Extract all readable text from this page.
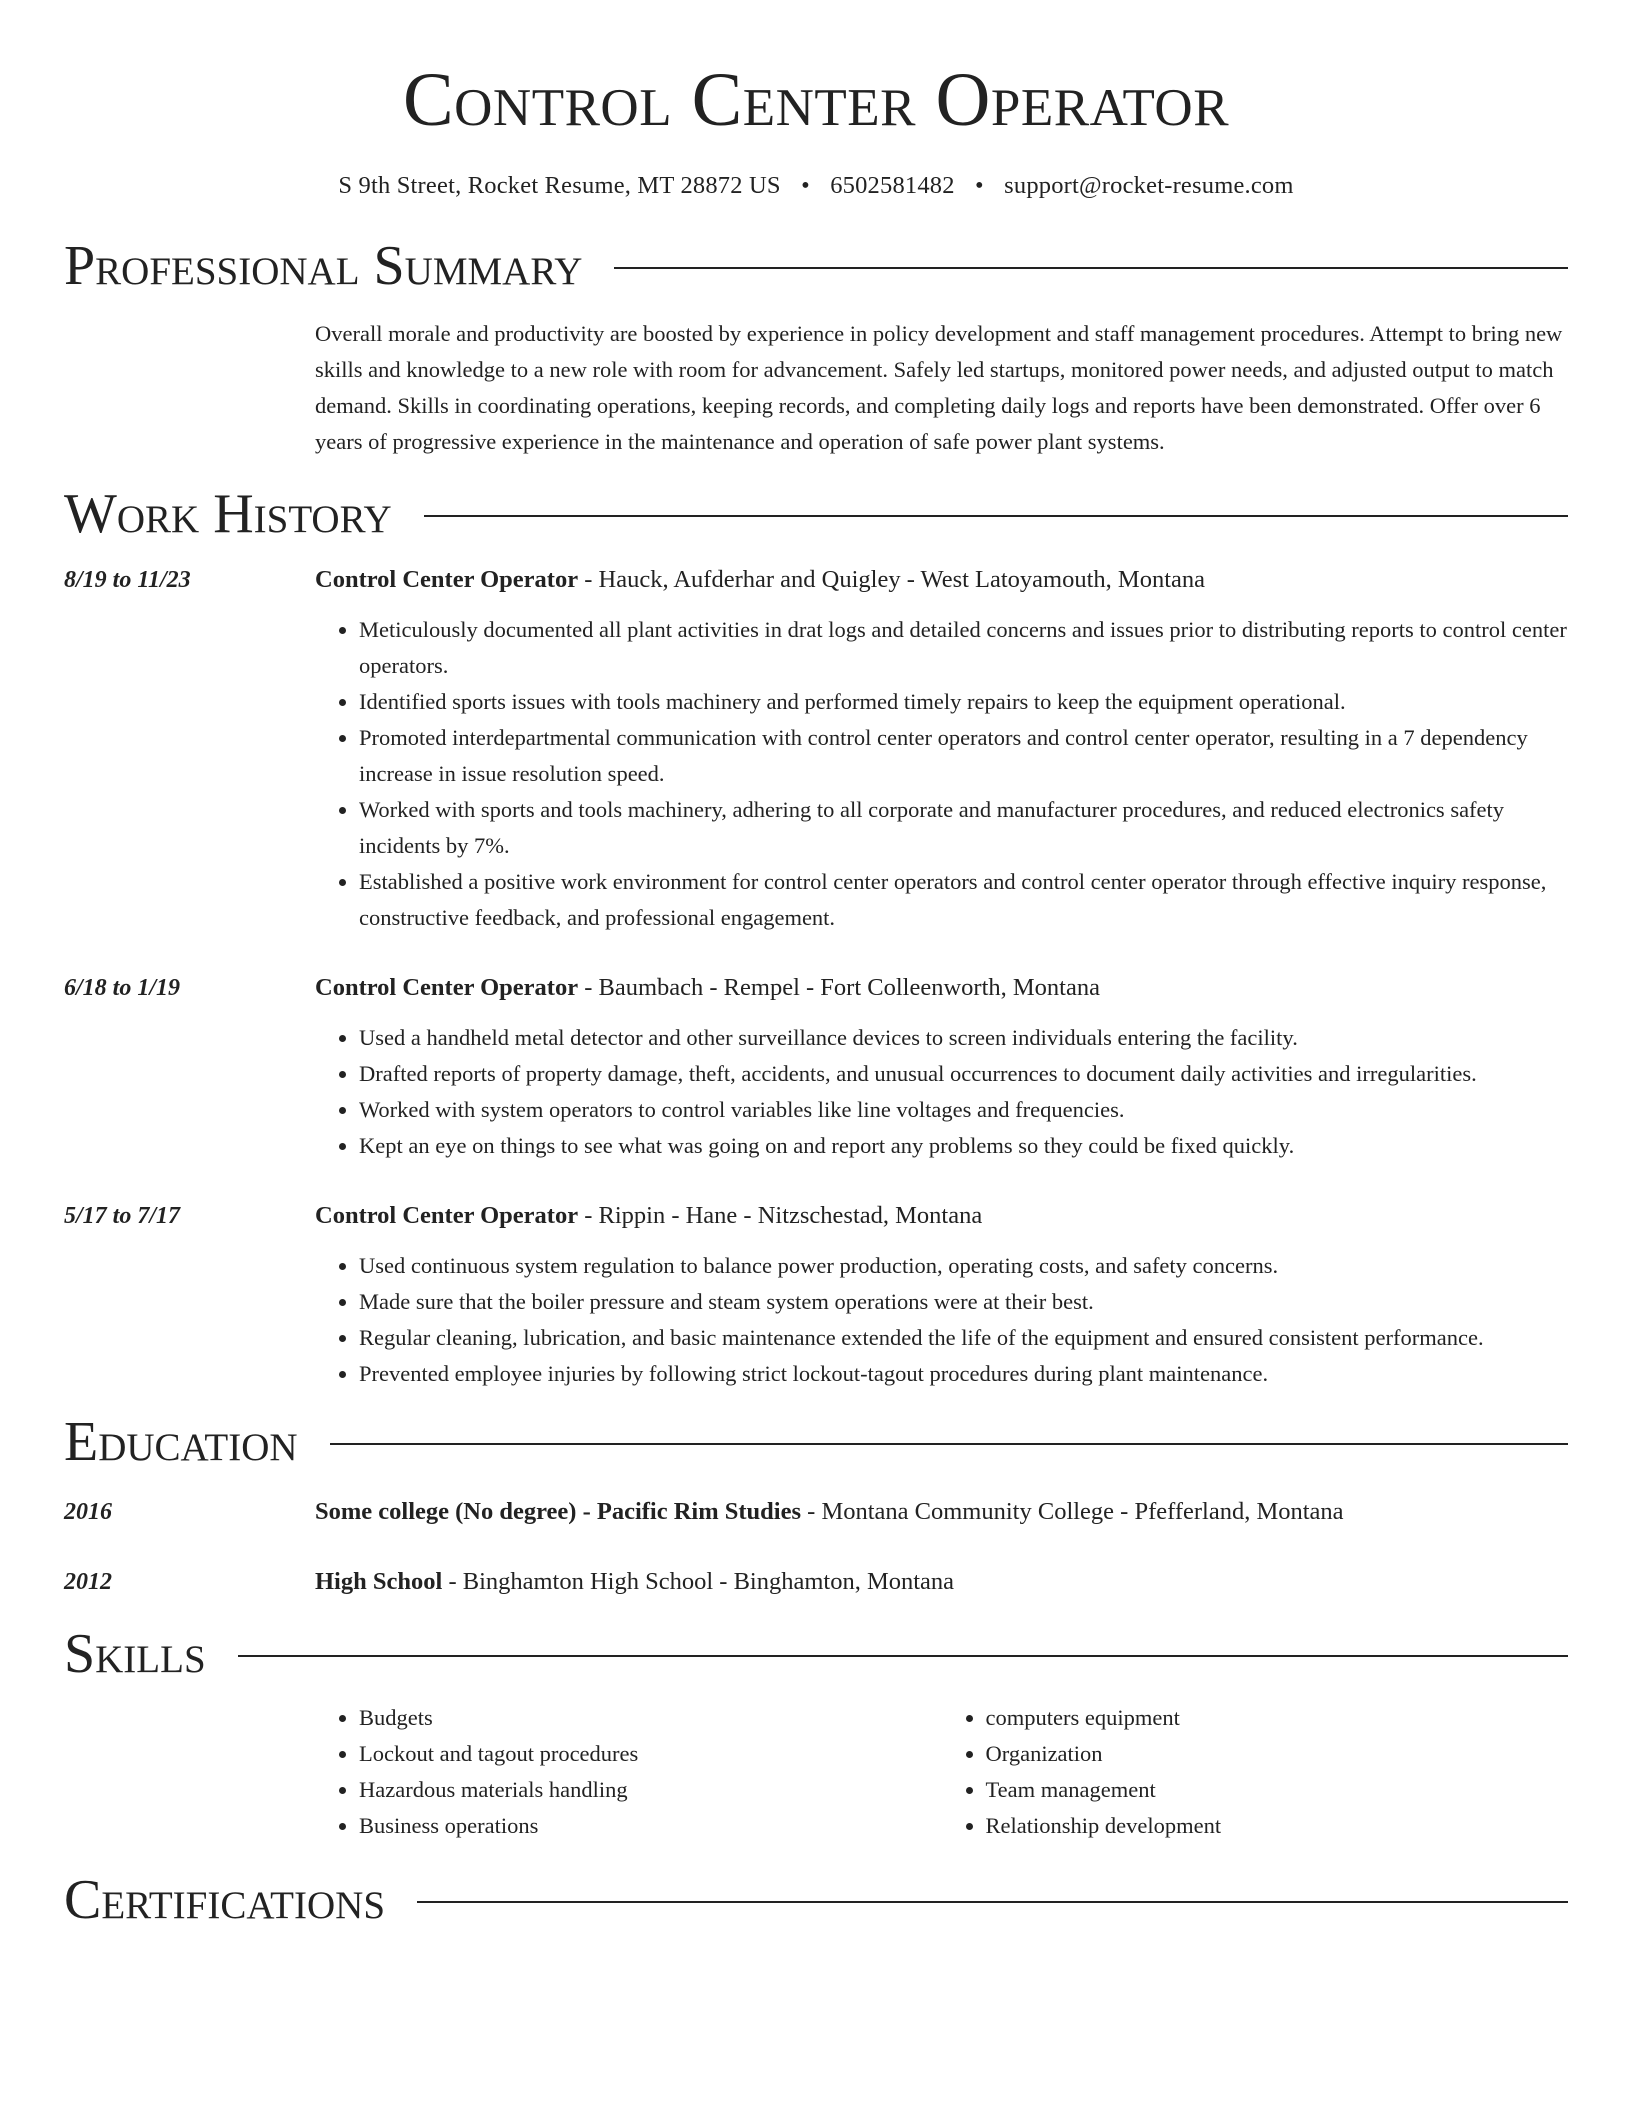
Control Center Operator
S 9th Street, Rocket Resume, MT 28872 US • 6502581482 • support@rocket-resume.com
Professional Summary
Overall morale and productivity are boosted by experience in policy development and staff management procedures. Attempt to bring new skills and knowledge to a new role with room for advancement. Safely led startups, monitored power needs, and adjusted output to match demand. Skills in coordinating operations, keeping records, and completing daily logs and reports have been demonstrated. Offer over 6 years of progressive experience in the maintenance and operation of safe power plant systems.
Work History
8/19 to 11/23	Control Center Operator - Hauck, Aufderhar and Quigley - West Latoyamouth, Montana
• Meticulously documented all plant activities in drat logs and detailed concerns and issues prior to distributing reports to control center operators.
• Identified sports issues with tools machinery and performed timely repairs to keep the equipment operational.
• Promoted interdepartmental communication with control center operators and control center operator, resulting in a 7 dependency increase in issue resolution speed.
• Worked with sports and tools machinery, adhering to all corporate and manufacturer procedures, and reduced electronics safety incidents by 7%.
• Established a positive work environment for control center operators and control center operator through effective inquiry response, constructive feedback, and professional engagement.
6/18 to 1/19	Control Center Operator - Baumbach - Rempel - Fort Colleenworth, Montana
• Used a handheld metal detector and other surveillance devices to screen individuals entering the facility.
• Drafted reports of property damage, theft, accidents, and unusual occurrences to document daily activities and irregularities.
• Worked with system operators to control variables like line voltages and frequencies.
• Kept an eye on things to see what was going on and report any problems so they could be fixed quickly.
5/17 to 7/17	Control Center Operator - Rippin - Hane - Nitzschestad, Montana
• Used continuous system regulation to balance power production, operating costs, and safety concerns.
• Made sure that the boiler pressure and steam system operations were at their best.
• Regular cleaning, lubrication, and basic maintenance extended the life of the equipment and ensured consistent performance.
• Prevented employee injuries by following strict lockout-tagout procedures during plant maintenance.
Education
2016	Some college (No degree) - Pacific Rim Studies - Montana Community College - Pfefferland, Montana
2012	High School - Binghamton High School - Binghamton, Montana
Skills
• Budgets
• Lockout and tagout procedures
• Hazardous materials handling
• Business operations
• computers equipment
• Organization
• Team management
• Relationship development
Certifications
